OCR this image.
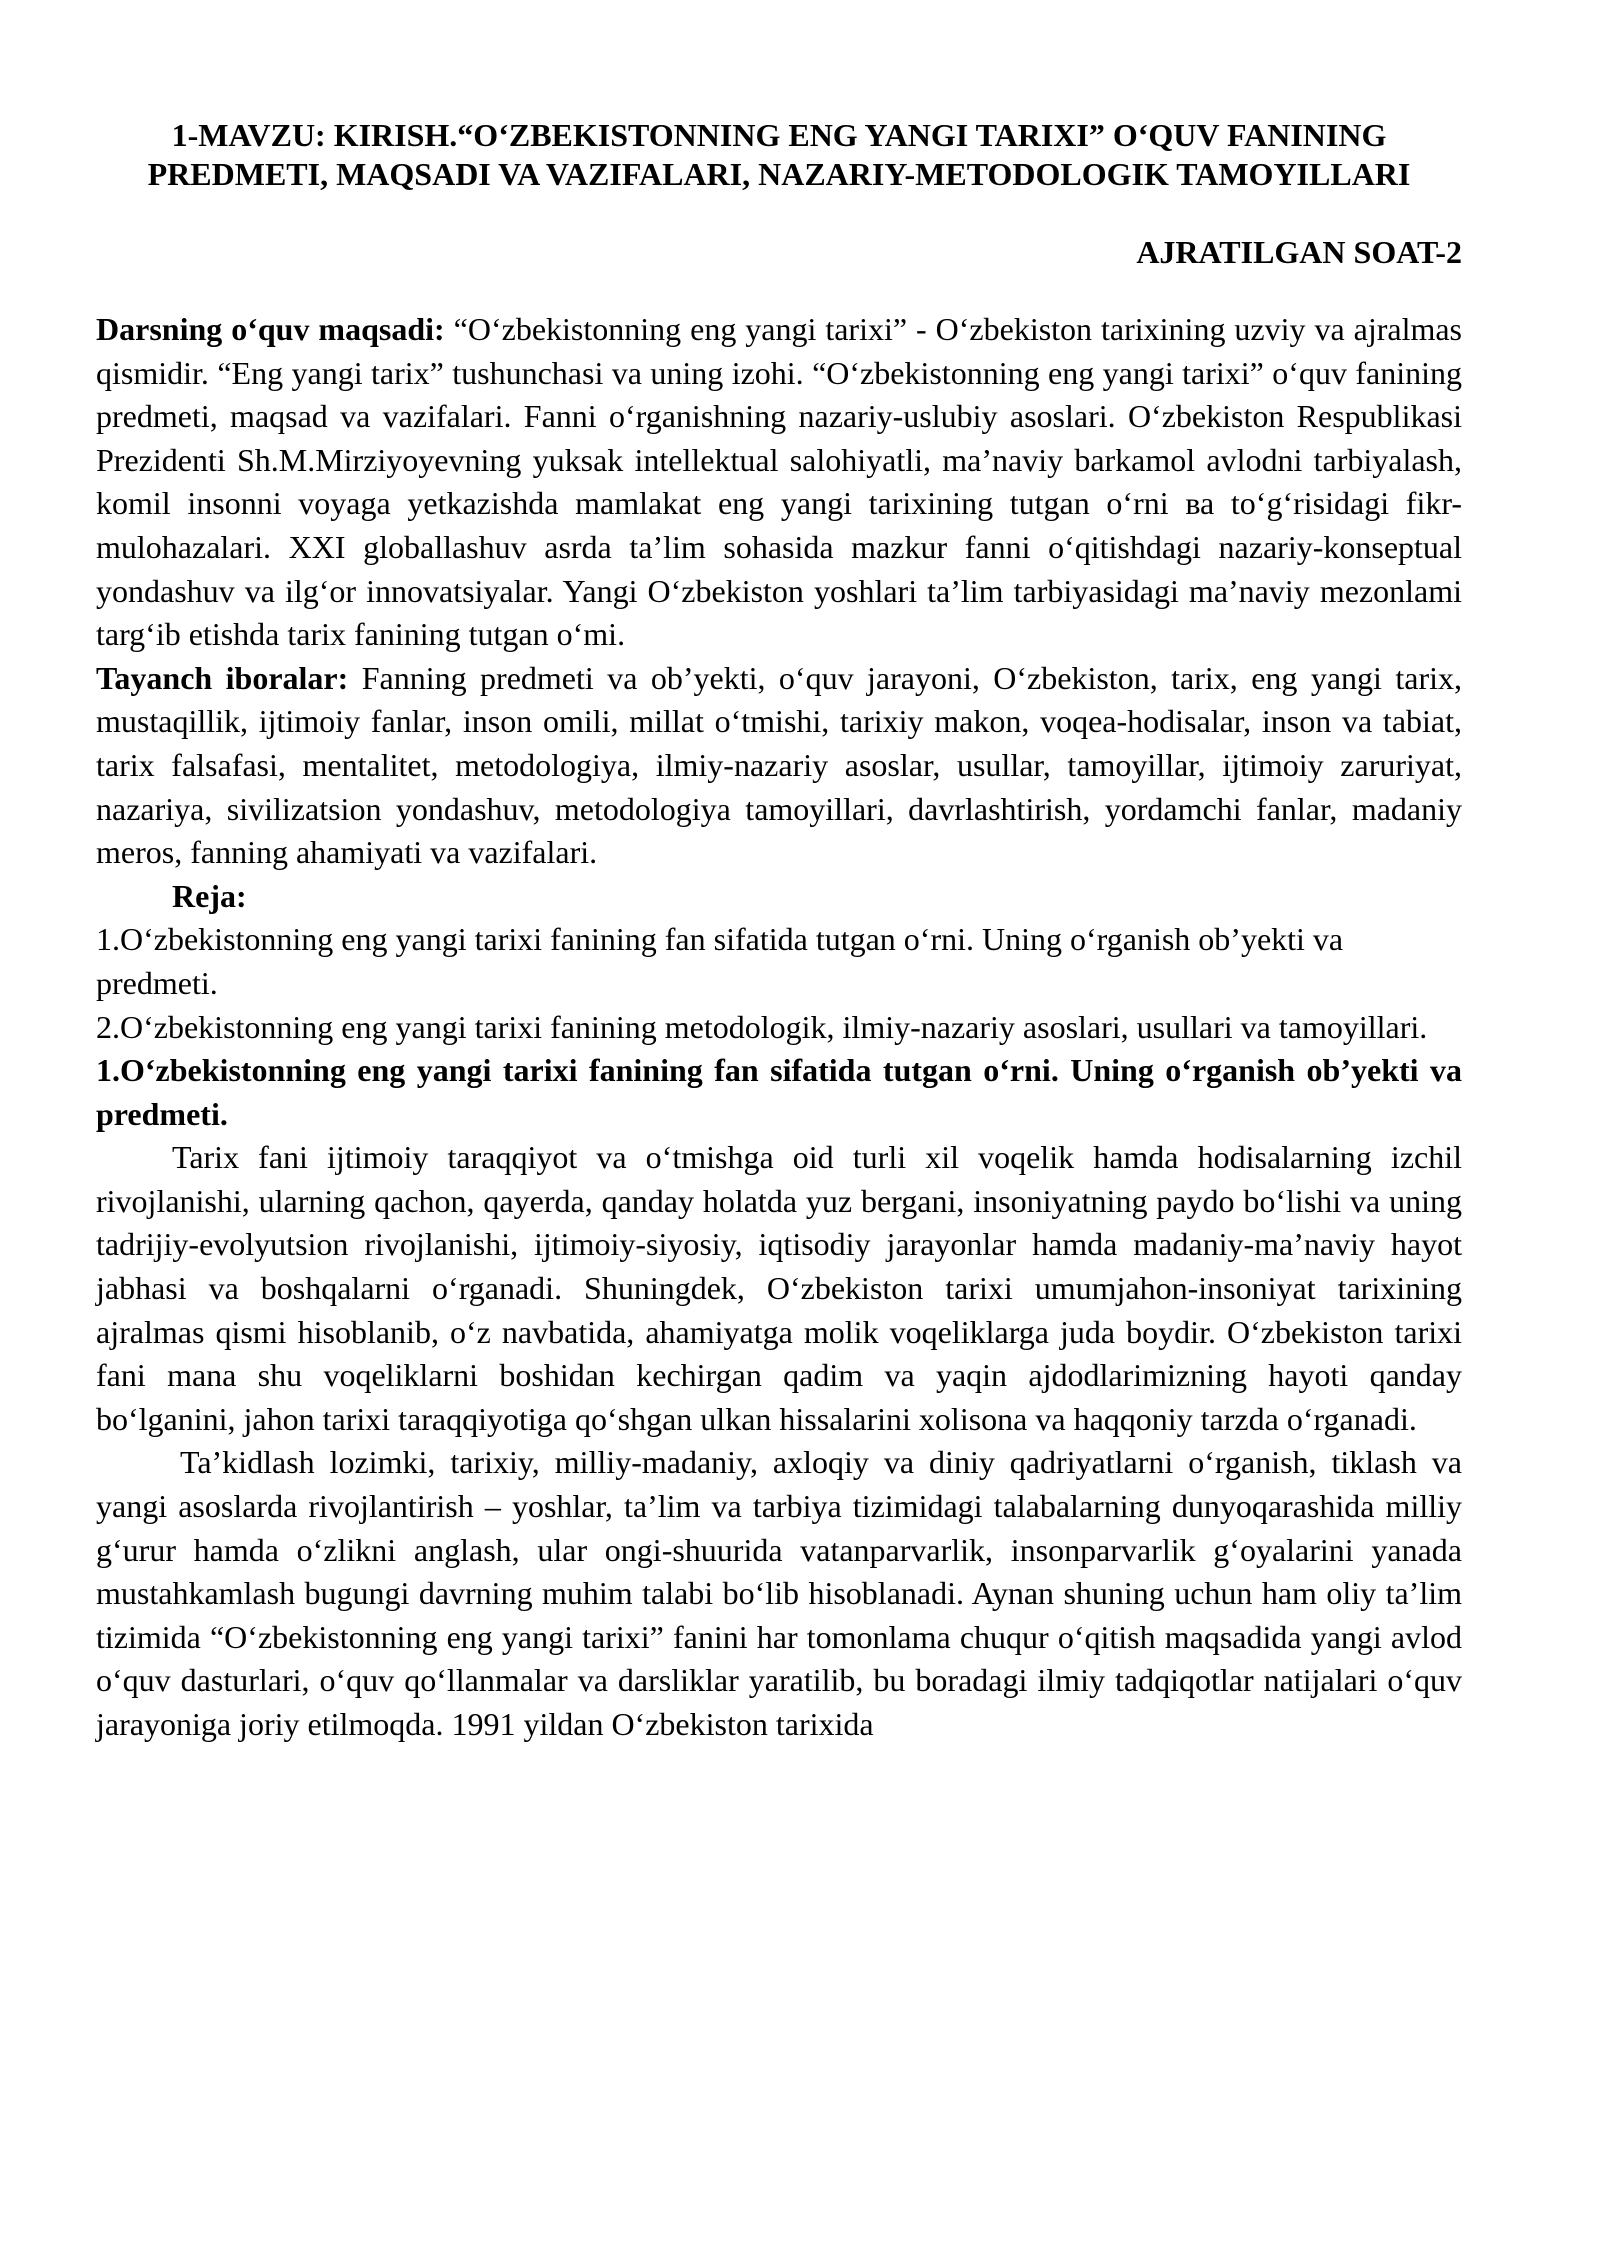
1-MAVZU: KIRISH.“O‘ZBEKISTONNING ENG YANGI TARIXI” O‘QUV FANINING PREDMETI, MAQSADI VA VAZIFALARI, NAZARIY-METODOLOGIK TAMOYILLARI
AJRATILGAN SOAT-2

Darsning o‘quv maqsadi: “O‘zbekistonning eng yangi tarixi” - O‘zbekiston tarixining uzviy va ajralmas qismidir. “Eng yangi tarix” tushunchasi va uning izohi. “O‘zbekistonning eng yangi tarixi” o‘quv fanining predmeti, maqsad va vazifalari. Fanni o‘rganishning nazariy-uslubiy asoslari. O‘zbekiston Respublikasi Prezidenti Sh.M.Mirziyoyevning yuksak intellektual salohiyatli, ma’naviy barkamol avlodni tarbiyalash, komil insonni voyaga yetkazishda mamlakat eng yangi tarixining tutgan o‘rni ва to‘g‘risidagi fikr-mulohazalari. XXI globallashuv asrda ta’lim sohasida mazkur fanni o‘qitishdagi nazariy-konseptual yondashuv va ilg‘or innovatsiyalar. Yangi O‘zbekiston yoshlari ta’lim tarbiyasidagi ma’naviy mezonlami targ‘ib etishda tarix fanining tutgan o‘mi.

Tayanch iboralar: Fanning predmeti va ob’yekti, o‘quv jarayoni, O‘zbekiston, tarix, eng yangi tarix, mustaqillik, ijtimoiy fanlar, inson omili, millat o‘tmishi, tarixiy makon, voqea-hodisalar, inson va tabiat, tarix falsafasi, mentalitet, metodologiya, ilmiy-nazariy asoslar, usullar, tamoyillar, ijtimoiy zaruriyat, nazariya, sivilizatsion yondashuv, metodologiya tamoyillari, davrlashtirish, yordamchi fanlar, madaniy meros, fanning ahamiyati va vazifalari.

Reja:
1.O‘zbekistonning eng yangi tarixi fanining fan sifatida tutgan o‘rni. Uning o‘rganish ob’yekti va predmeti.
2.O‘zbekistonning eng yangi tarixi fanining metodologik, ilmiy-nazariy asoslari, usullari va tamoyillari.
1.O‘zbekistonning eng yangi tarixi fanining fan sifatida tutgan o‘rni. Uning o‘rganish ob’yekti va predmeti.

Tarix fani ijtimoiy taraqqiyot va o‘tmishga oid turli xil voqelik hamda hodisalarning izchil rivojlanishi, ularning qachon, qayerda, qanday holatda yuz bergani, insoniyatning paydo bo‘lishi va uning tadrijiy-evolyutsion rivojlanishi, ijtimoiy-siyosiy, iqtisodiy jarayonlar hamda madaniy-ma’naviy hayot jabhasi va boshqalarni o‘rganadi. Shuningdek, O‘zbekiston tarixi umumjahon-insoniyat tarixining ajralmas qismi hisoblanib, o‘z navbatida, ahamiyatga molik voqeliklarga juda boydir. O‘zbekiston tarixi fani mana shu voqeliklarni boshidan kechirgan qadim va yaqin ajdodlarimizning hayoti qanday bo‘lganini, jahon tarixi taraqqiyotiga qo‘shgan ulkan hissalarini xolisona va haqqoniy tarzda o‘rganadi.

Ta’kidlash lozimki, tarixiy, milliy-madaniy, axloqiy va diniy qadriyatlarni o‘rganish, tiklash va yangi asoslarda rivojlantirish – yoshlar, ta’lim va tarbiya tizimidagi talabalarning dunyoqarashida milliy g‘urur hamda o‘zlikni anglash, ular ongi-shuurida vatanparvarlik, insonparvarlik g‘oyalarini yanada mustahkamlash bugungi davrning muhim talabi bo‘lib hisoblanadi. Aynan shuning uchun ham oliy ta’lim tizimida “O‘zbekistonning eng yangi tarixi” fanini har tomonlama chuqur o‘qitish maqsadida yangi avlod o‘quv dasturlari, o‘quv qo‘llanmalar va darsliklar yaratilib, bu boradagi ilmiy tadqiqotlar natijalari o‘quv jarayoniga joriy etilmoqda. 1991 yildan O‘zbekiston tarixida
